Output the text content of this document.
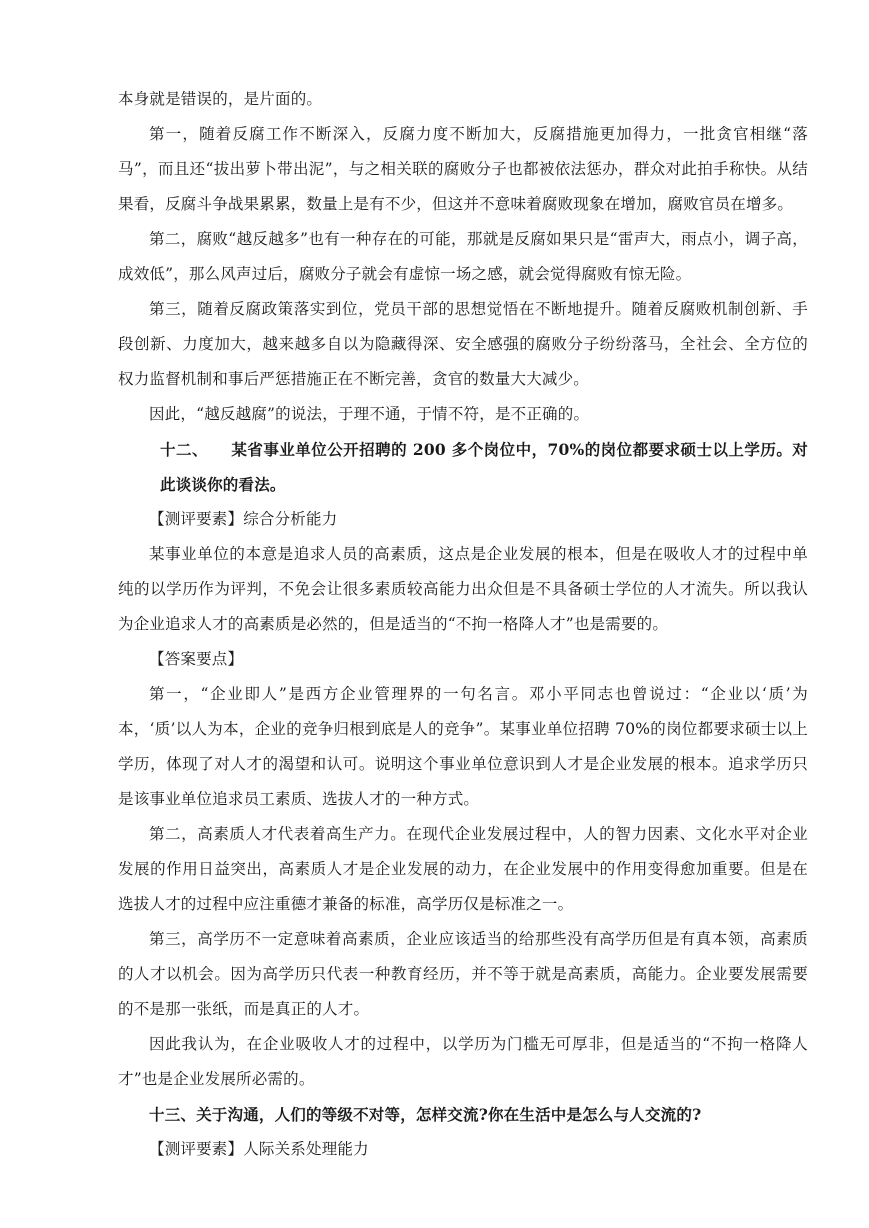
本身就是错误的，是片面的。

第一，随着反腐工作不断深入，反腐力度不断加大，反腐措施更加得力，一批贪官相继“落马”，而且还“拔出萝卜带出泥”，与之相关联的腐败分子也都被依法惩办，群众对此拍手称快。从结果看，反腐斗争战果累累，数量上是有不少，但这并不意味着腐败现象在增加，腐败官员在增多。

第二，腐败“越反越多”也有一种存在的可能，那就是反腐如果只是“雷声大，雨点小，调子高，成效低”，那么风声过后，腐败分子就会有虚惊一场之感，就会觉得腐败有惊无险。

第三，随着反腐政策落实到位，党员干部的思想觉悟在不断地提升。随着反腐败机制创新、手段创新、力度加大，越来越多自以为隐藏得深、安全感强的腐败分子纷纷落马，全社会、全方位的权力监督机制和事后严惩措施正在不断完善，贪官的数量大大减少。

因此，“越反越腐”的说法，于理不通，于情不符，是不正确的。

十二、 某省事业单位公开招聘的 200 多个岗位中，70%的岗位都要求硕士以上学历。对此谈谈你的看法。

【测评要素】综合分析能力

某事业单位的本意是追求人员的高素质，这点是企业发展的根本，但是在吸收人才的过程中单纯的以学历作为评判，不免会让很多素质较高能力出众但是不具备硕士学位的人才流失。所以我认为企业追求人才的高素质是必然的，但是适当的“不拘一格降人才”也是需要的。

【答案要点】

第一，“企业即人”是西方企业管理界的一句名言。邓小平同志也曾说过：“企业以‘质’为本，‘质’以人为本，企业的竞争归根到底是人的竞争”。某事业单位招聘 70%的岗位都要求硕士以上学历，体现了对人才的渴望和认可。说明这个事业单位意识到人才是企业发展的根本。追求学历只是该事业单位追求员工素质、选拔人才的一种方式。

第二，高素质人才代表着高生产力。在现代企业发展过程中，人的智力因素、文化水平对企业发展的作用日益突出，高素质人才是企业发展的动力，在企业发展中的作用变得愈加重要。但是在选拔人才的过程中应注重德才兼备的标准，高学历仅是标准之一。

第三，高学历不一定意味着高素质，企业应该适当的给那些没有高学历但是有真本领，高素质的人才以机会。因为高学历只代表一种教育经历，并不等于就是高素质，高能力。企业要发展需要的不是那一张纸，而是真正的人才。

因此我认为，在企业吸收人才的过程中，以学历为门槛无可厚非，但是适当的“不拘一格降人才”也是企业发展所必需的。

十三、关于沟通，人们的等级不对等，怎样交流?你在生活中是怎么与人交流的?

【测评要素】人际关系处理能力
